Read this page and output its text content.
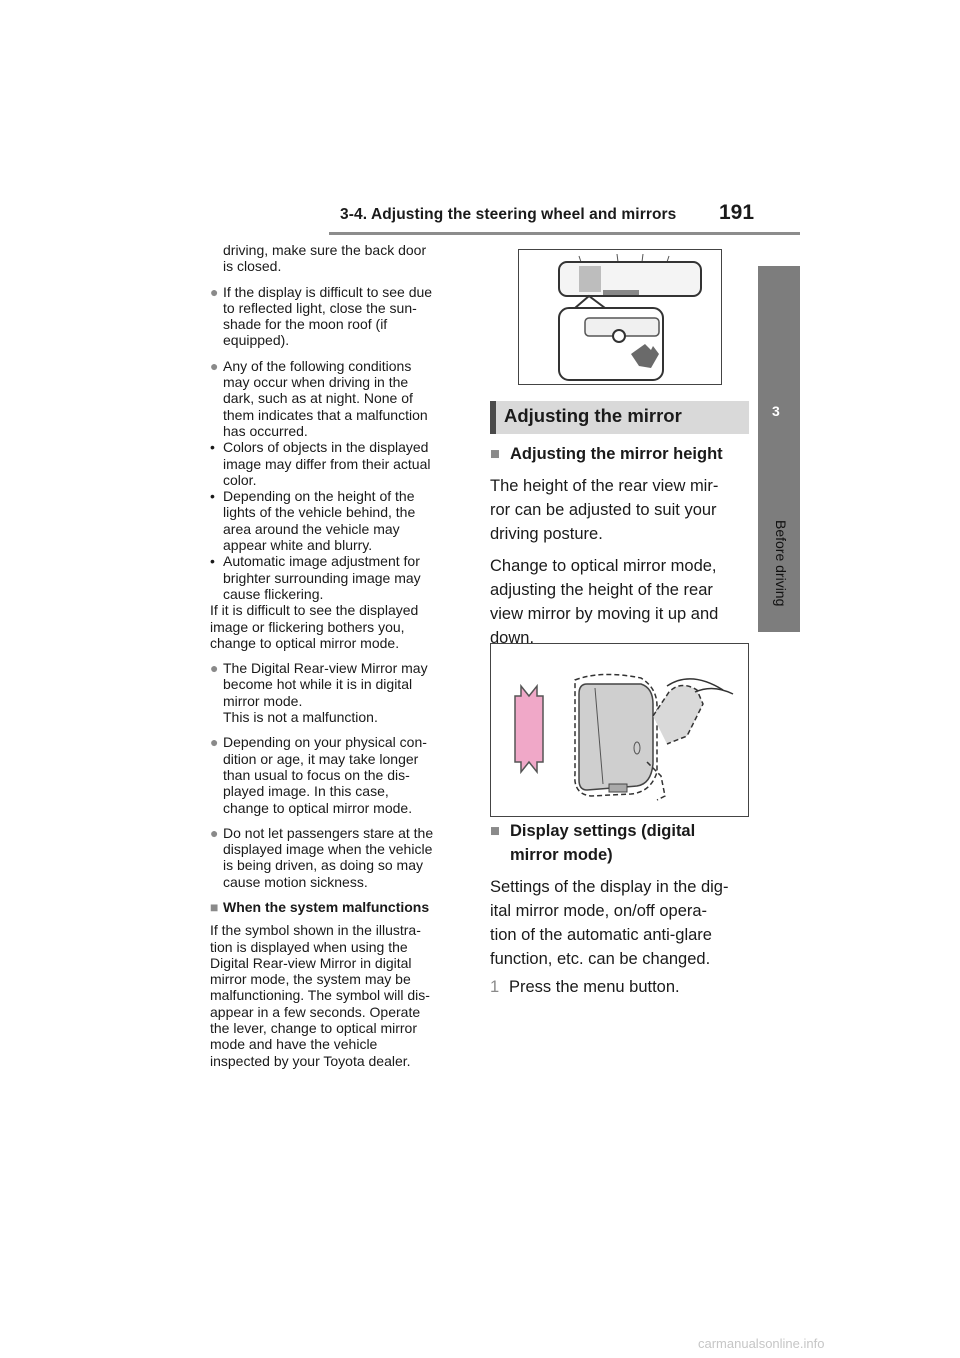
3-4. Adjusting the steering wheel and mirrors 191
3
Before driving

driving, make sure the back door

is closed.

● If the display is difficult to see due
to reflected light, close the sun-
shade for the moon roof (if
equipped).

● Any of the following conditions
may occur when driving in the
dark, such as at night. None of
them indicates that a malfunction
has occurred.

• Colors of objects in the displayed
image may differ from their actual
color.

• Depending on the height of the
lights of the vehicle behind, the
area around the vehicle may
appear white and blurry.

• Automatic image adjustment for
brighter surrounding image may
cause flickering.

If it is difficult to see the displayed
image or flickering bothers you,
change to optical mirror mode.

● The Digital Rear-view Mirror may
become hot while it is in digital
mirror mode.
This is not a malfunction.

● Depending on your physical con-
dition or age, it may take longer
than usual to focus on the dis-
played image. In this case,
change to optical mirror mode.

● Do not let passengers stare at the
displayed image when the vehicle
is being driven, as doing so may
cause motion sickness.

■ When the system malfunctions

If the symbol shown in the illustra-
tion is displayed when using the
Digital Rear-view Mirror in digital
mirror mode, the system may be
malfunctioning. The symbol will dis-
appear in a few seconds. Operate
the lever, change to optical mirror
mode and have the vehicle
inspected by your Toyota dealer.

Adjusting the mirror

■ Adjusting the mirror height

The height of the rear view mir-
ror can be adjusted to suit your
driving posture.

Change to optical mirror mode,
adjusting the height of the rear
view mirror by moving it up and
down.

■ Display settings (digital
mirror mode)

Settings of the display in the dig-
ital mirror mode, on/off opera-
tion of the automatic anti-glare
function, etc. can be changed.

1 Press the menu button.

carmanualsonline.info
